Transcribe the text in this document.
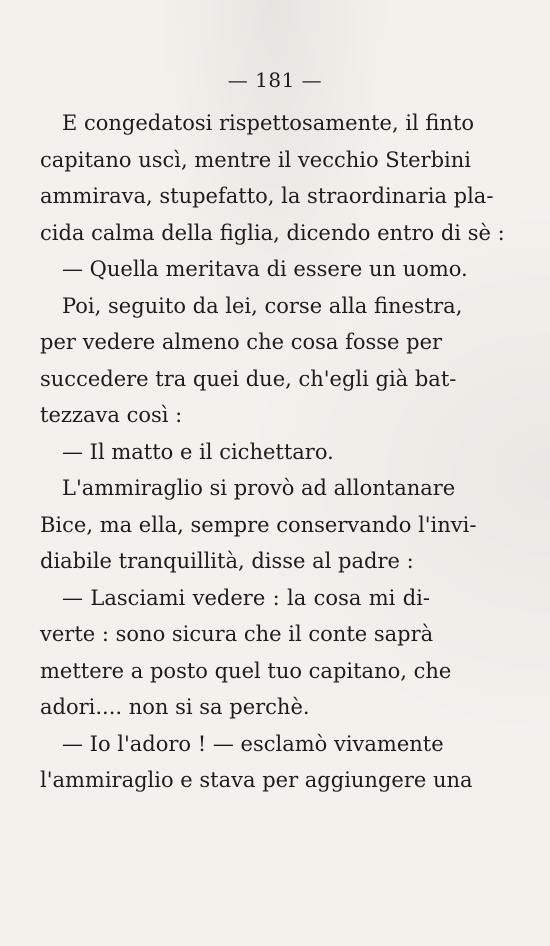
— 181 —
E congedatosi rispettosamente, il finto
capitano uscì, mentre il vecchio Sterbini
ammirava, stupefatto, la straordinaria pla-
cida calma della figlia, dicendo entro di sè :
— Quella meritava di essere un uomo.
Poi, seguito da lei, corse alla finestra,
per vedere almeno che cosa fosse per
succedere tra quei due, ch'egli già bat-
tezzava così :
— Il matto e il cichettaro.
L'ammiraglio si provò ad allontanare
Bice, ma ella, sempre conservando l'invi-
diabile tranquillità, disse al padre :
— Lasciami vedere : la cosa mi di-
verte : sono sicura che il conte saprà
mettere a posto quel tuo capitano, che
adori.... non si sa perchè.
— Io l'adoro ! — esclamò vivamente
l'ammiraglio e stava per aggiungere una
